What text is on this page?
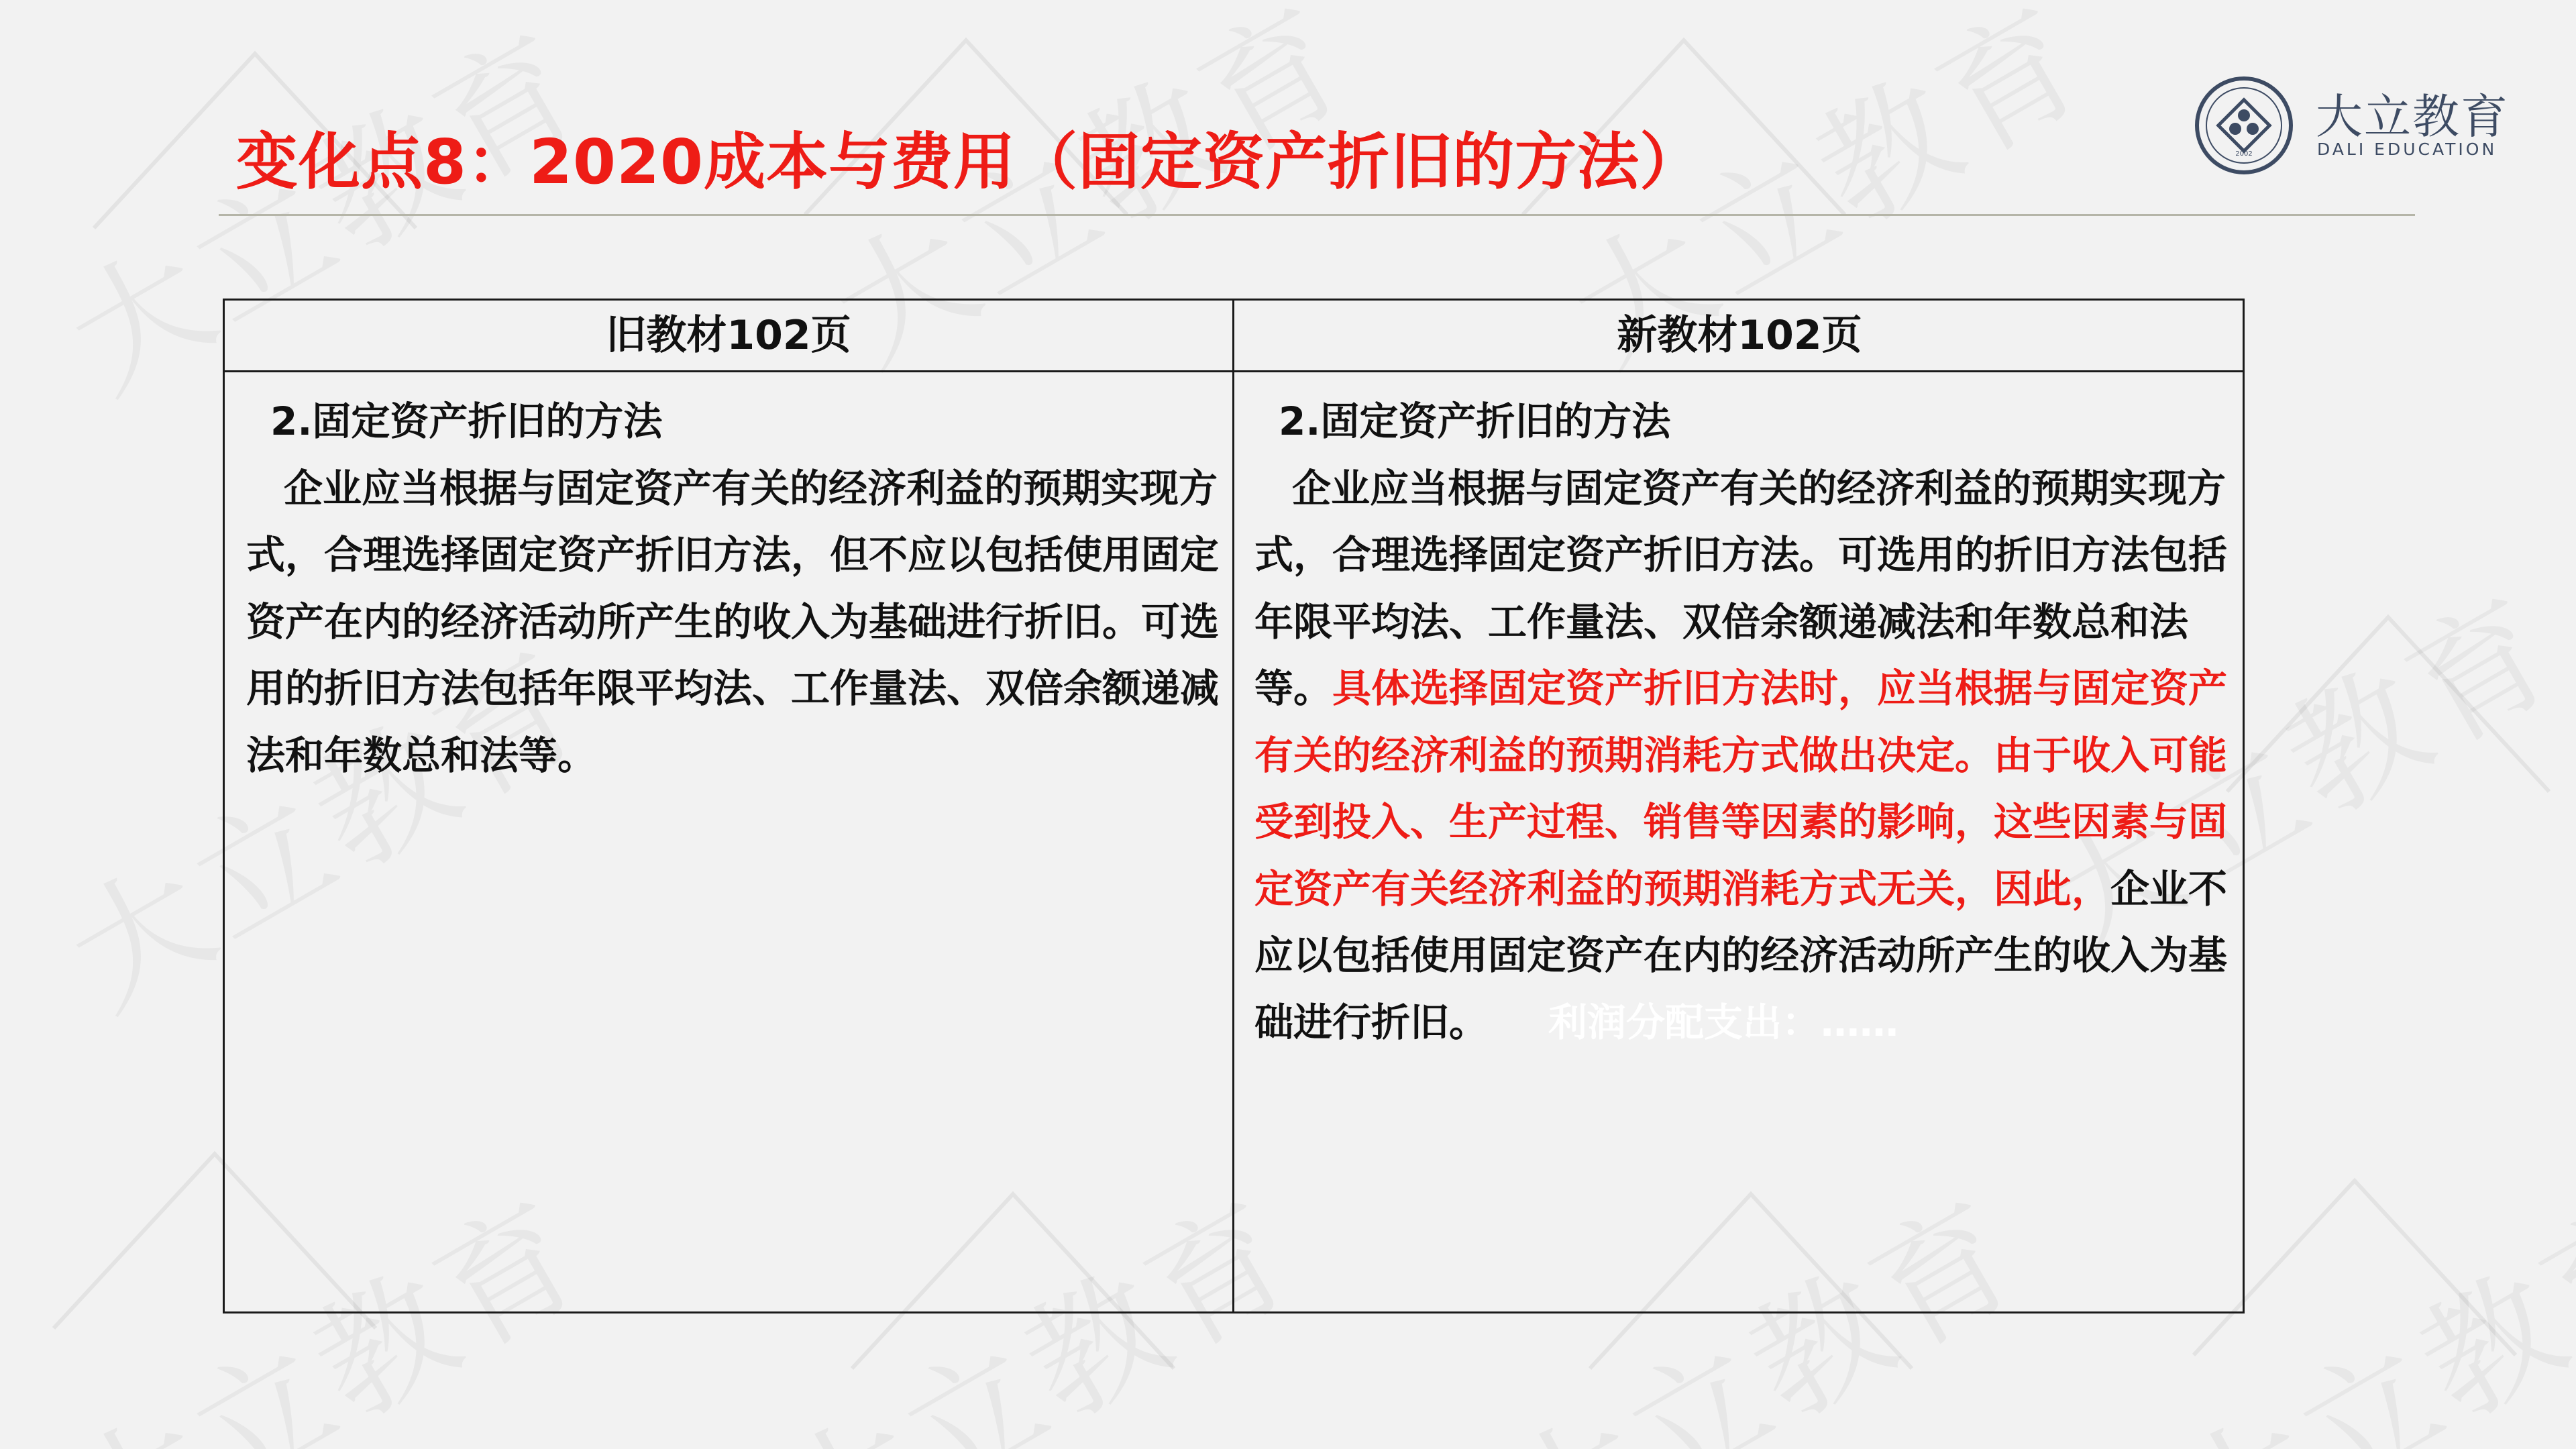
变化点8：2020成本与费用（固定资产折旧的方法）	2002
大立教育
DALI EDUCATION
旧教材102页	新教材102页
2.固定资产折旧的方法
企业应当根据与固定资产有关的经济利益的预期实现方式，合理选择固定资产折旧方法，但不应以包括使用固定资产在内的经济活动所产生的收入为基础进行折旧。可选用的折旧方法包括年限平均法、工作量法、双倍余额递减法和年数总和法等。
2.固定资产折旧的方法
企业应当根据与固定资产有关的经济利益的预期实现方式，合理选择固定资产折旧方法。可选用的折旧方法包括年限平均法、工作量法、双倍余额递减法和年数总和法等。具体选择固定资产折旧方法时，应当根据与固定资产有关的经济利益的预期消耗方式做出决定。由于收入可能受到投入、生产过程、销售等因素的影响，这些因素与固定资产有关经济利益的预期消耗方式无关，因此，企业不应以包括使用固定资产在内的经济活动所产生的收入为基础进行折旧。 利润分配支出：……
